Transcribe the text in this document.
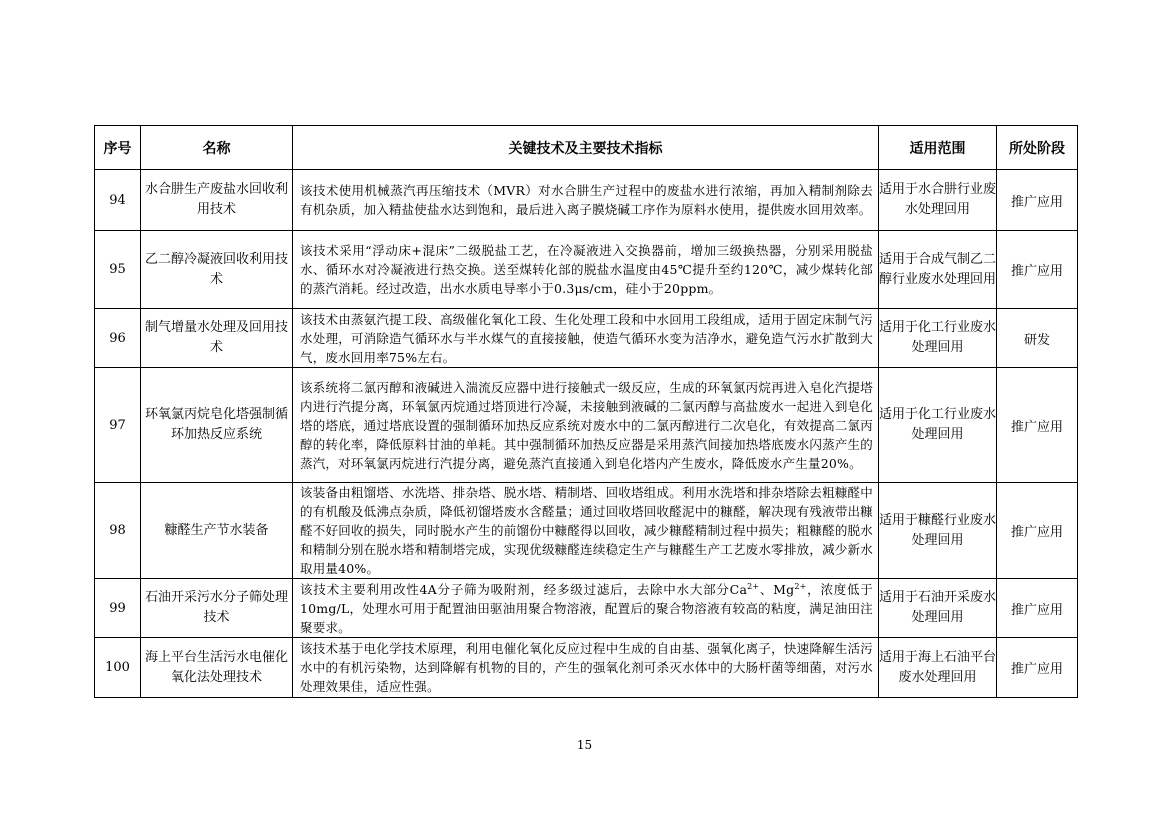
序号	名称	关键技术及主要技术指标	适用范围	所处阶段
94	水合肼生产废盐水回收利用技术	该技术使用机械蒸汽再压缩技术（MVR）对水合肼生产过程中的废盐水进行浓缩，再加入精制剂除去有机杂质，加入精盐使盐水达到饱和，最后进入离子膜烧碱工序作为原料水使用，提供废水回用效率。	适用于水合肼行业废水处理回用	推广应用
95	乙二醇冷凝液回收利用技术	该技术采用“浮动床+混床”二级脱盐工艺，在冷凝液进入交换器前，增加三级换热器，分别采用脱盐水、循环水对冷凝液进行热交换。送至煤转化部的脱盐水温度由45℃提升至约120℃，减少煤转化部的蒸汽消耗。经过改造，出水水质电导率小于0.3μs/cm，硅小于20ppm。	适用于合成气制乙二醇行业废水处理回用	推广应用
96	制气增量水处理及回用技术	该技术由蒸氨汽提工段、高级催化氧化工段、生化处理工段和中水回用工段组成，适用于固定床制气污水处理，可消除造气循环水与半水煤气的直接接触，使造气循环水变为洁净水，避免造气污水扩散到大气，废水回用率75%左右。	适用于化工行业废水处理回用	研发
97	环氧氯丙烷皂化塔强制循环加热反应系统	该系统将二氯丙醇和液碱进入湍流反应器中进行接触式一级反应，生成的环氧氯丙烷再进入皂化汽提塔内进行汽提分离，环氧氯丙烷通过塔顶进行冷凝，未接触到液碱的二氯丙醇与高盐废水一起进入到皂化塔的塔底，通过塔底设置的强制循环加热反应系统对废水中的二氯丙醇进行二次皂化，有效提高二氯丙醇的转化率，降低原料甘油的单耗。其中强制循环加热反应器是采用蒸汽间接加热塔底废水闪蒸产生的蒸汽，对环氧氯丙烷进行汽提分离，避免蒸汽直接通入到皂化塔内产生废水，降低废水产生量20%。	适用于化工行业废水处理回用	推广应用
98	糠醛生产节水装备	该装备由粗馏塔、水洗塔、排杂塔、脱水塔、精制塔、回收塔组成。利用水洗塔和排杂塔除去粗糠醛中的有机酸及低沸点杂质，降低初馏塔废水含醛量；通过回收塔回收醛泥中的糠醛，解决现有残液带出糠醛不好回收的损失，同时脱水产生的前馏份中糠醛得以回收，减少糠醛精制过程中损失；粗糠醛的脱水和精制分别在脱水塔和精制塔完成，实现优级糠醛连续稳定生产与糠醛生产工艺废水零排放，减少新水取用量40%。	适用于糠醛行业废水处理回用	推广应用
99	石油开采污水分子筛处理技术	该技术主要利用改性4A分子筛为吸附剂，经多级过滤后，去除中水大部分$Ca^{2+}$、$Mg^{2+}$，浓度低于10mg/L，处理水可用于配置油田驱油用聚合物溶液，配置后的聚合物溶液有较高的粘度，满足油田注聚要求。	适用于石油开采废水处理回用	推广应用
100	海上平台生活污水电催化氧化法处理技术	该技术基于电化学技术原理，利用电催化氧化反应过程中生成的自由基、强氧化离子，快速降解生活污水中的有机污染物，达到降解有机物的目的，产生的强氧化剂可杀灭水体中的大肠杆菌等细菌，对污水处理效果佳，适应性强。	适用于海上石油平台废水处理回用	推广应用
15
